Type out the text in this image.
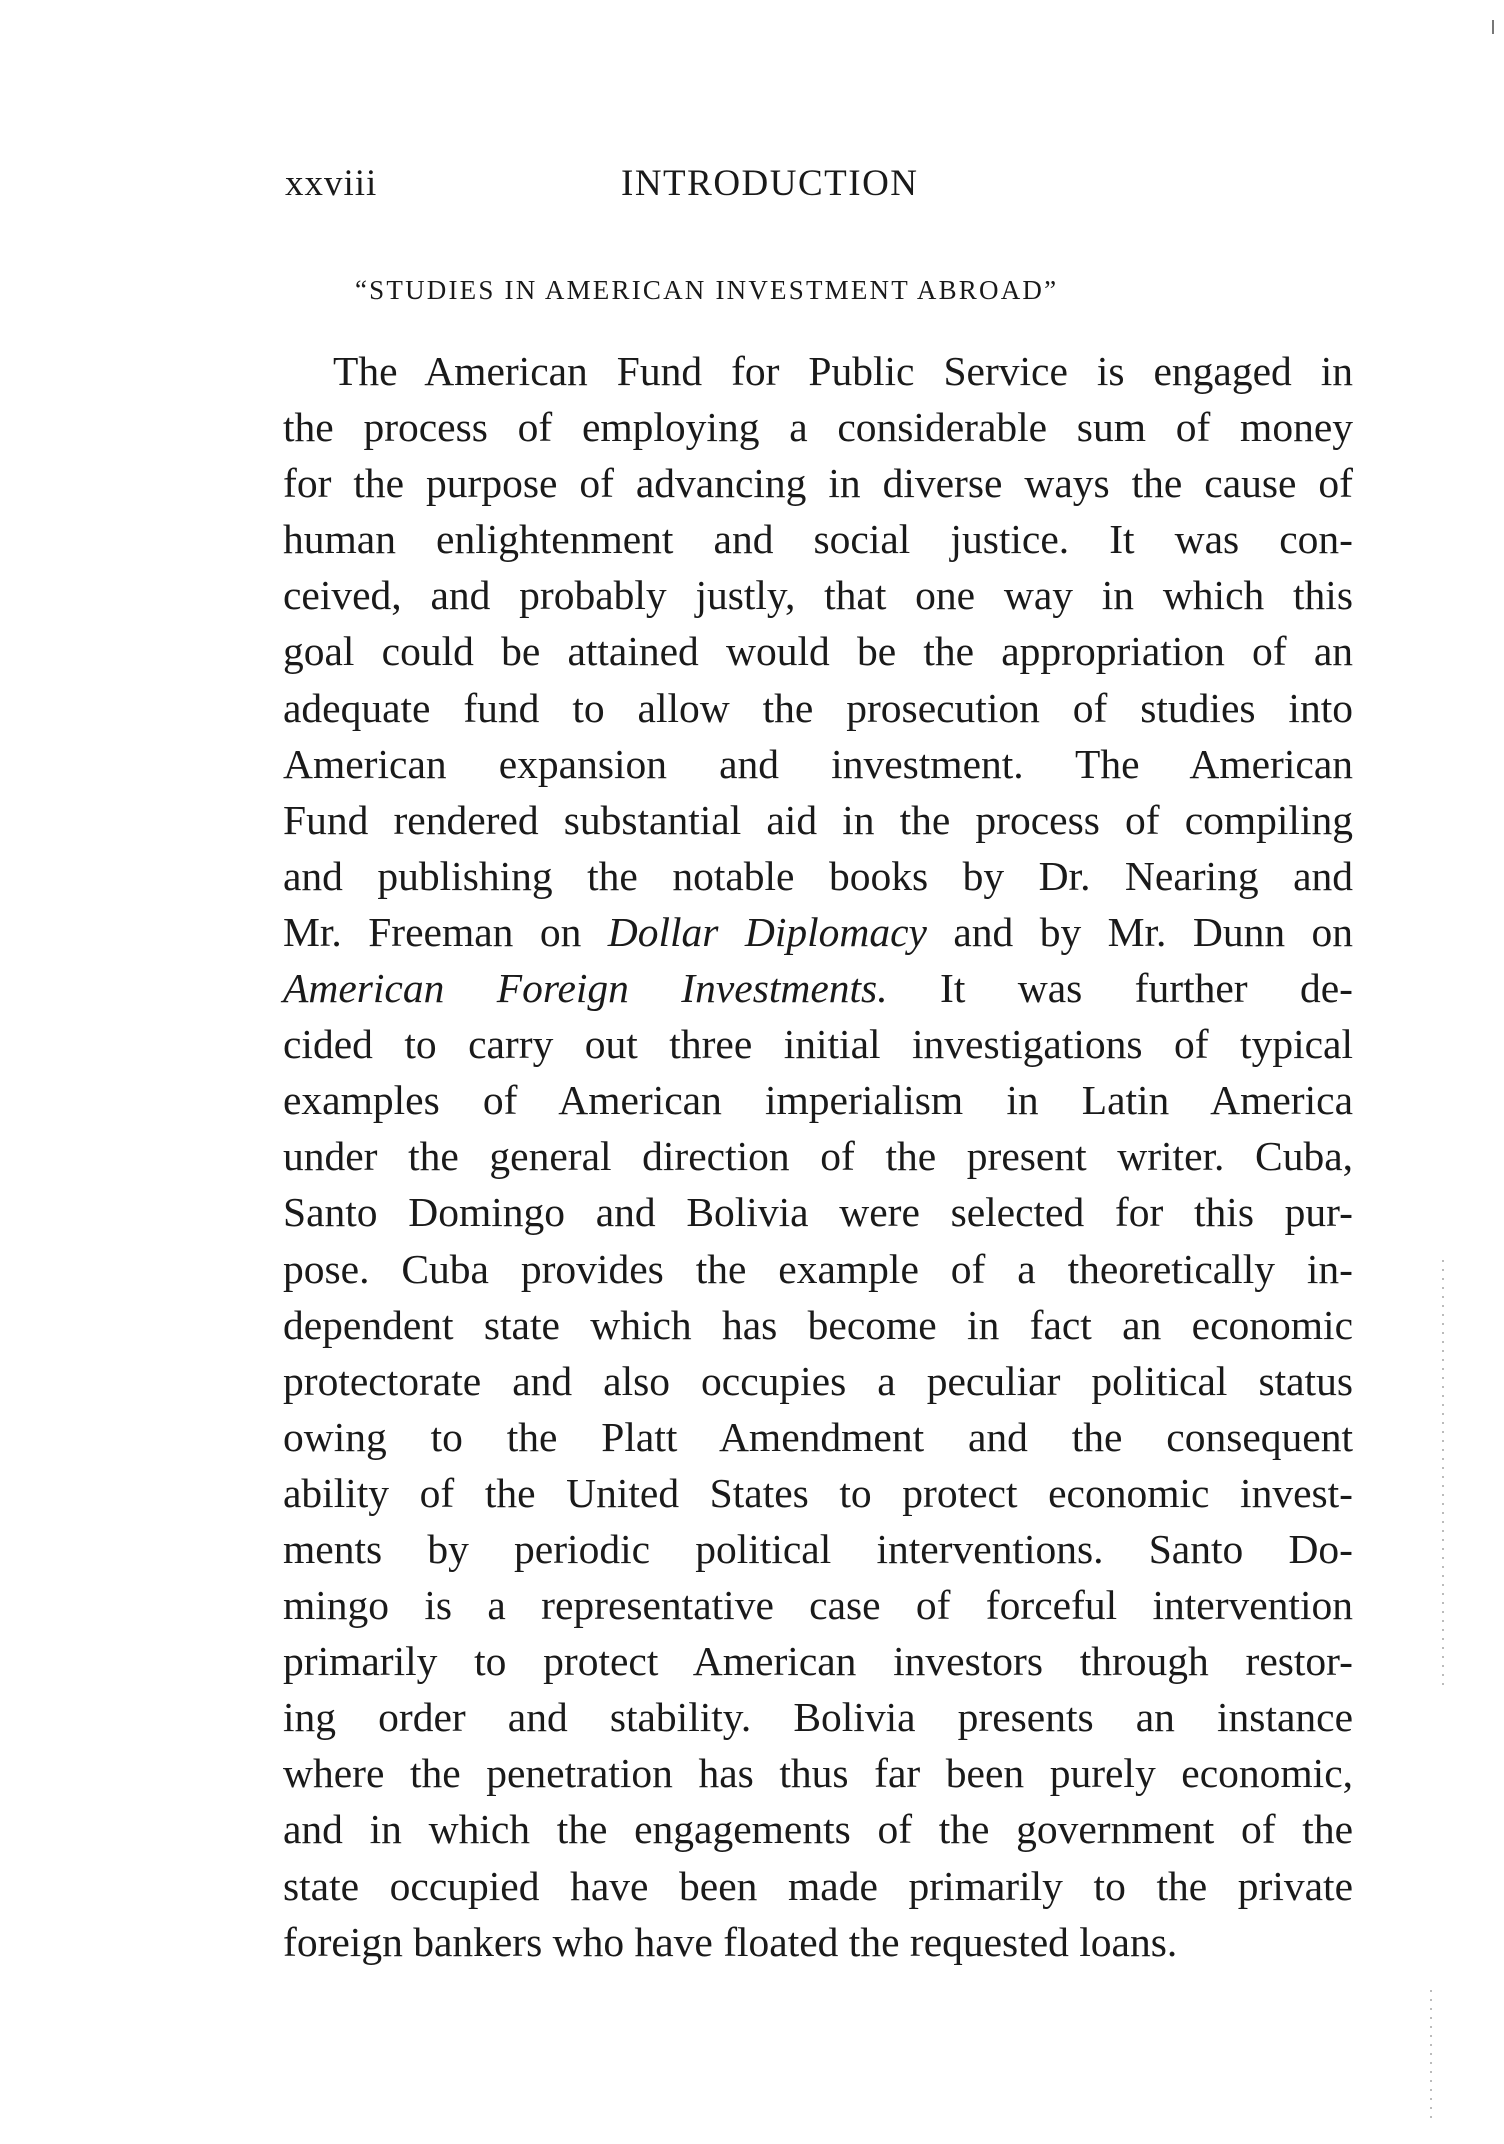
xxviii	INTRODUCTION
“STUDIES IN AMERICAN INVESTMENT ABROAD”
The American Fund for Public Service is engaged in
the process of employing a considerable sum of money
for the purpose of advancing in diverse ways the cause of
human enlightenment and social justice. It was con-
ceived, and probably justly, that one way in which this
goal could be attained would be the appropriation of an
adequate fund to allow the prosecution of studies into
American expansion and investment. The American
Fund rendered substantial aid in the process of compiling
and publishing the notable books by Dr. Nearing and
Mr. Freeman on Dollar Diplomacy and by Mr. Dunn on
American Foreign Investments. It was further de-
cided to carry out three initial investigations of typical
examples of American imperialism in Latin America
under the general direction of the present writer. Cuba,
Santo Domingo and Bolivia were selected for this pur-
pose. Cuba provides the example of a theoretically in-
dependent state which has become in fact an economic
protectorate and also occupies a peculiar political status
owing to the Platt Amendment and the consequent
ability of the United States to protect economic invest-
ments by periodic political interventions. Santo Do-
mingo is a representative case of forceful intervention
primarily to protect American investors through restor-
ing order and stability. Bolivia presents an instance
where the penetration has thus far been purely economic,
and in which the engagements of the government of the
state occupied have been made primarily to the private
foreign bankers who have floated the requested loans.
